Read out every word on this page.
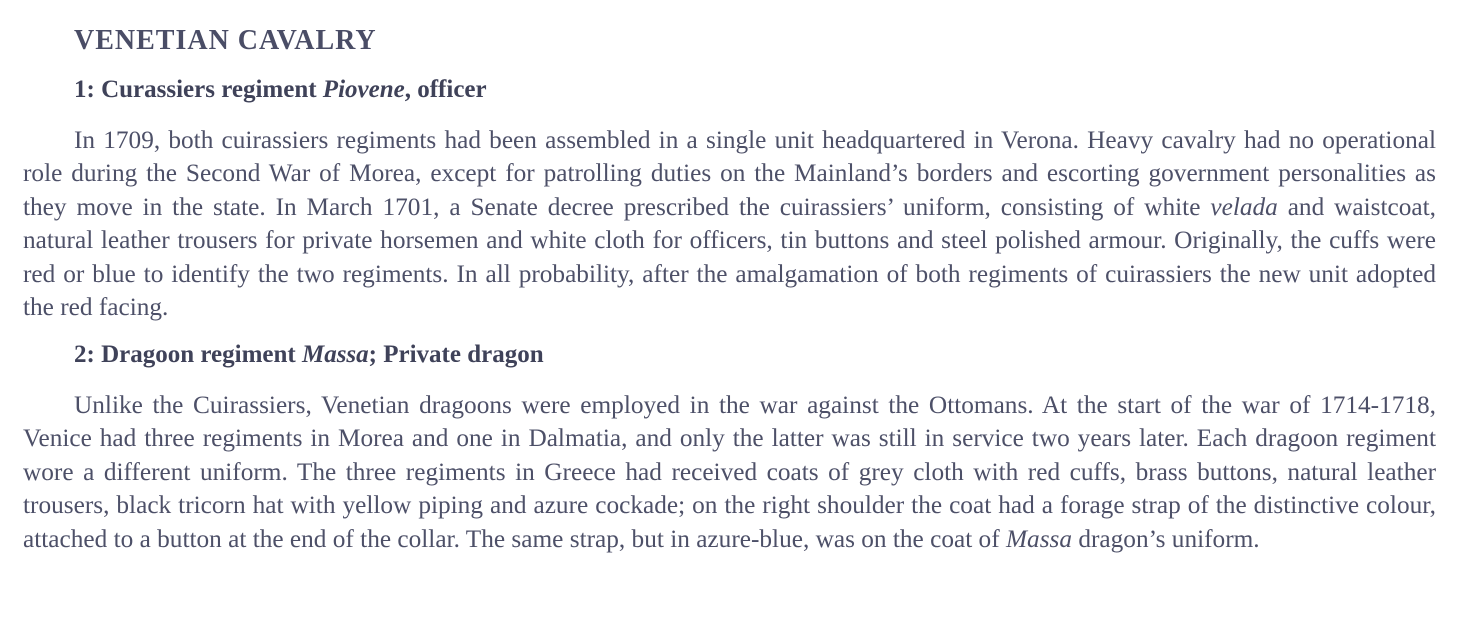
VENETIAN CAVALRY
1: Curassiers regiment Piovene, officer

In 1709, both cuirassiers regiments had been assembled in a single unit headquartered in Verona. Heavy cavalry had no operational role during the Second War of Morea, except for patrolling duties on the Mainland’s borders and escorting government personalities as they move in the state. In March 1701, a Senate decree prescribed the cuirassiers’ uniform, consisting of white velada and waistcoat, natural leather trousers for private horsemen and white cloth for officers, tin buttons and steel polished armour. Originally, the cuffs were red or blue to identify the two regiments. In all probability, after the amalgamation of both regiments of cuirassiers the new unit adopted the red facing.

2: Dragoon regiment Massa; Private dragon

Unlike the Cuirassiers, Venetian dragoons were employed in the war against the Ottomans. At the start of the war of 1714-1718, Venice had three regiments in Morea and one in Dalmatia, and only the latter was still in service two years later. Each dragoon regiment wore a different uniform. The three regiments in Greece had received coats of grey cloth with red cuffs, brass buttons, natural leather trousers, black tricorn hat with yellow piping and azure cockade; on the right shoulder the coat had a forage strap of the distinctive colour, attached to a button at the end of the collar. The same strap, but in azure-blue, was on the coat of Massa dragon’s uniform.
